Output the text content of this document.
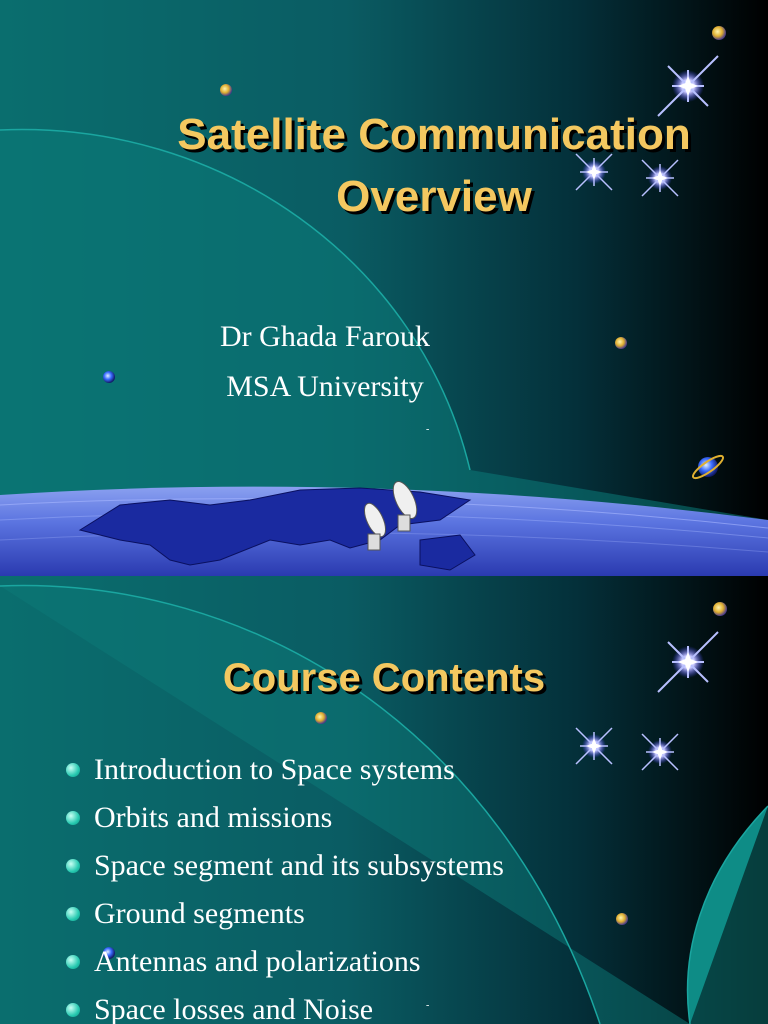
Satellite Communication
Overview
Dr Ghada Farouk
MSA University
-
Course Contents
Introduction to Space systems
Orbits and missions
Space segment and its subsystems
Ground segments
Antennas and polarizations
Space losses and Noise	-
